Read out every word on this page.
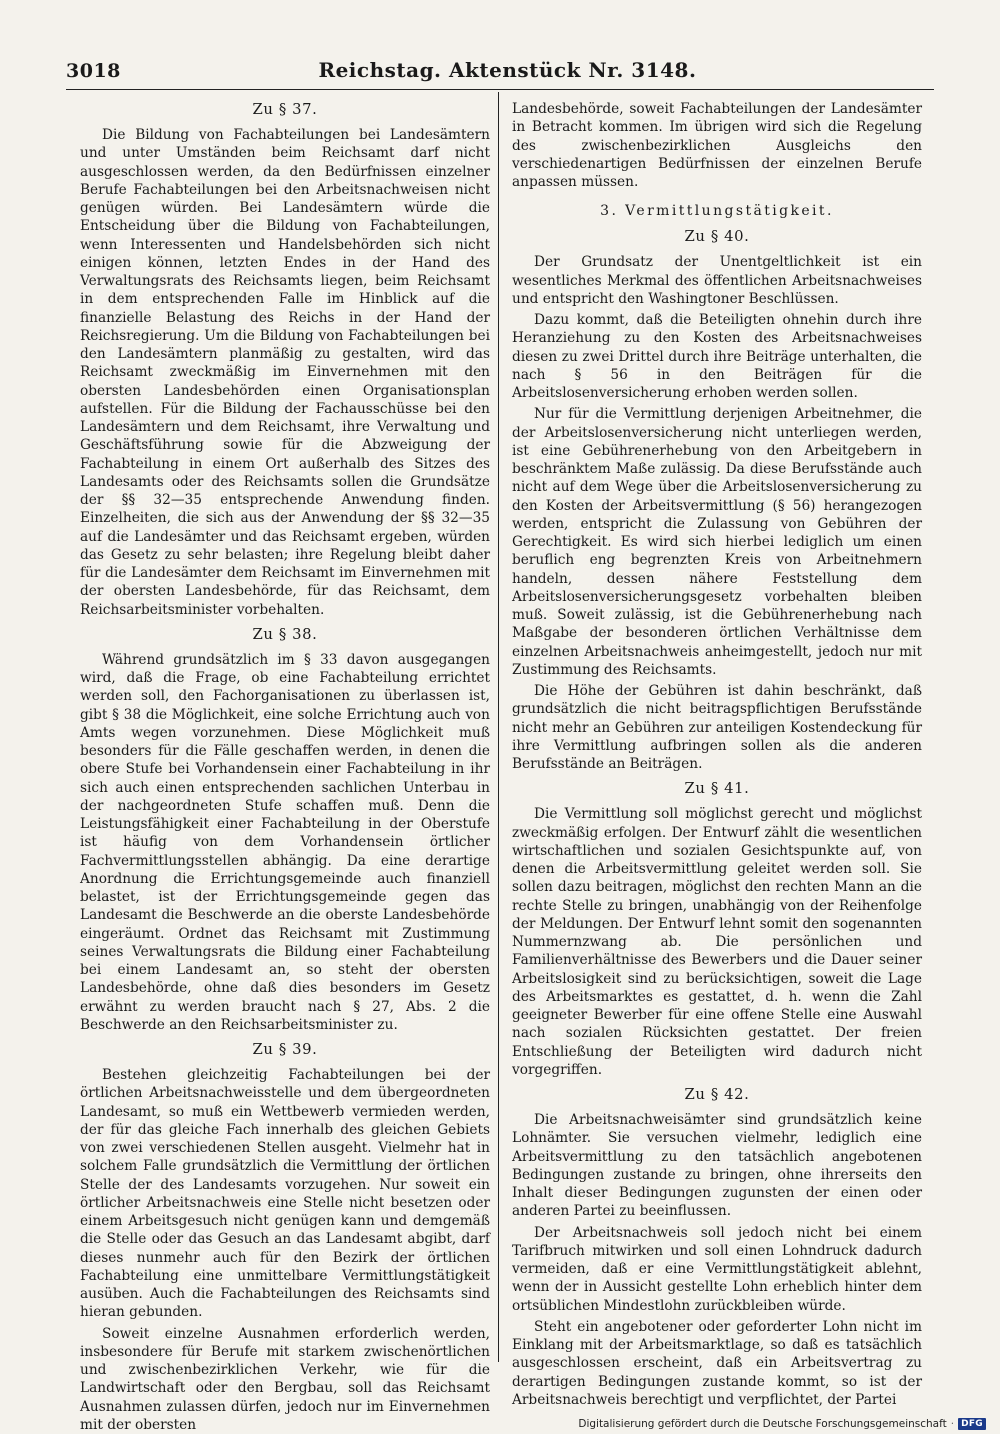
3018	Reichstag. Aktenstück Nr. 3148.
Zu § 37.

Die Bildung von Fachabteilungen bei Landesämtern und unter Umständen beim Reichsamt darf nicht ausgeschlossen werden, da den Bedürfnissen einzelner Berufe Fachabteilungen bei den Arbeitsnachweisen nicht genügen würden. Bei Landesämtern würde die Entscheidung über die Bildung von Fachabteilungen, wenn Interessenten und Handelsbehörden sich nicht einigen können, letzten Endes in der Hand des Verwaltungsrats des Reichsamts liegen, beim Reichsamt in dem entsprechenden Falle im Hinblick auf die finanzielle Belastung des Reichs in der Hand der Reichsregierung. Um die Bildung von Fachabteilungen bei den Landesämtern planmäßig zu gestalten, wird das Reichsamt zweckmäßig im Einvernehmen mit den obersten Landesbehörden einen Organisationsplan aufstellen. Für die Bildung der Fachausschüsse bei den Landesämtern und dem Reichsamt, ihre Verwaltung und Geschäftsführung sowie für die Abzweigung der Fachabteilung in einem Ort außerhalb des Sitzes des Landesamts oder des Reichsamts sollen die Grundsätze der §§ 32—35 entsprechende Anwendung finden. Einzelheiten, die sich aus der Anwendung der §§ 32—35 auf die Landesämter und das Reichsamt ergeben, würden das Gesetz zu sehr belasten; ihre Regelung bleibt daher für die Landesämter dem Reichsamt im Einvernehmen mit der obersten Landesbehörde, für das Reichsamt, dem Reichsarbeitsminister vorbehalten.

Zu § 38.

Während grundsätzlich im § 33 davon ausgegangen wird, daß die Frage, ob eine Fachabteilung errichtet werden soll, den Fachorganisationen zu überlassen ist, gibt § 38 die Möglichkeit, eine solche Errichtung auch von Amts wegen vorzunehmen. Diese Möglichkeit muß besonders für die Fälle geschaffen werden, in denen die obere Stufe bei Vorhandensein einer Fachabteilung in ihr sich auch einen entsprechenden sachlichen Unterbau in der nachgeordneten Stufe schaffen muß. Denn die Leistungsfähigkeit einer Fachabteilung in der Oberstufe ist häufig von dem Vorhandensein örtlicher Fachvermittlungsstellen abhängig. Da eine derartige Anordnung die Errichtungsgemeinde auch finanziell belastet, ist der Errichtungsgemeinde gegen das Landesamt die Beschwerde an die oberste Landesbehörde eingeräumt. Ordnet das Reichsamt mit Zustimmung seines Verwaltungsrats die Bildung einer Fachabteilung bei einem Landesamt an, so steht der obersten Landesbehörde, ohne daß dies besonders im Gesetz erwähnt zu werden braucht nach § 27, Abs. 2 die Beschwerde an den Reichsarbeitsminister zu.

Zu § 39.

Bestehen gleichzeitig Fachabteilungen bei der örtlichen Arbeitsnachweisstelle und dem übergeordneten Landesamt, so muß ein Wettbewerb vermieden werden, der für das gleiche Fach innerhalb des gleichen Gebiets von zwei verschiedenen Stellen ausgeht. Vielmehr hat in solchem Falle grundsätzlich die Vermittlung der örtlichen Stelle der des Landesamts vorzugehen. Nur soweit ein örtlicher Arbeitsnachweis eine Stelle nicht besetzen oder einem Arbeitsgesuch nicht genügen kann und demgemäß die Stelle oder das Gesuch an das Landesamt abgibt, darf dieses nunmehr auch für den Bezirk der örtlichen Fachabteilung eine unmittelbare Vermittlungstätigkeit ausüben. Auch die Fachabteilungen des Reichsamts sind hieran gebunden.

Soweit einzelne Ausnahmen erforderlich werden, insbesondere für Berufe mit starkem zwischenörtlichen und zwischenbezirklichen Verkehr, wie für die Landwirtschaft oder den Bergbau, soll das Reichsamt Ausnahmen zulassen dürfen, jedoch nur im Einvernehmen mit der obersten

Landesbehörde, soweit Fachabteilungen der Landesämter in Betracht kommen. Im übrigen wird sich die Regelung des zwischenbezirklichen Ausgleichs den verschiedenartigen Bedürfnissen der einzelnen Berufe anpassen müssen.

3. Vermittlungstätigkeit.
Zu § 40.

Der Grundsatz der Unentgeltlichkeit ist ein wesentliches Merkmal des öffentlichen Arbeitsnachweises und entspricht den Washingtoner Beschlüssen.

Dazu kommt, daß die Beteiligten ohnehin durch ihre Heranziehung zu den Kosten des Arbeitsnachweises diesen zu zwei Drittel durch ihre Beiträge unterhalten, die nach § 56 in den Beiträgen für die Arbeitslosenversicherung erhoben werden sollen.

Nur für die Vermittlung derjenigen Arbeitnehmer, die der Arbeitslosenversicherung nicht unterliegen werden, ist eine Gebührenerhebung von den Arbeitgebern in beschränktem Maße zulässig. Da diese Berufsstände auch nicht auf dem Wege über die Arbeitslosenversicherung zu den Kosten der Arbeitsvermittlung (§ 56) herangezogen werden, entspricht die Zulassung von Gebühren der Gerechtigkeit. Es wird sich hierbei lediglich um einen beruflich eng begrenzten Kreis von Arbeitnehmern handeln, dessen nähere Feststellung dem Arbeitslosenversicherungsgesetz vorbehalten bleiben muß. Soweit zulässig, ist die Gebührenerhebung nach Maßgabe der besonderen örtlichen Verhältnisse dem einzelnen Arbeitsnachweis anheimgestellt, jedoch nur mit Zustimmung des Reichsamts.

Die Höhe der Gebühren ist dahin beschränkt, daß grundsätzlich die nicht beitragspflichtigen Berufsstände nicht mehr an Gebühren zur anteiligen Kostendeckung für ihre Vermittlung aufbringen sollen als die anderen Berufsstände an Beiträgen.

Zu § 41.

Die Vermittlung soll möglichst gerecht und möglichst zweckmäßig erfolgen. Der Entwurf zählt die wesentlichen wirtschaftlichen und sozialen Gesichtspunkte auf, von denen die Arbeitsvermittlung geleitet werden soll. Sie sollen dazu beitragen, möglichst den rechten Mann an die rechte Stelle zu bringen, unabhängig von der Reihenfolge der Meldungen. Der Entwurf lehnt somit den sogenannten Nummernzwang ab. Die persönlichen und Familienverhältnisse des Bewerbers und die Dauer seiner Arbeitslosigkeit sind zu berücksichtigen, soweit die Lage des Arbeitsmarktes es gestattet, d. h. wenn die Zahl geeigneter Bewerber für eine offene Stelle eine Auswahl nach sozialen Rücksichten gestattet. Der freien Entschließung der Beteiligten wird dadurch nicht vorgegriffen.

Zu § 42.

Die Arbeitsnachweisämter sind grundsätzlich keine Lohnämter. Sie versuchen vielmehr, lediglich eine Arbeitsvermittlung zu den tatsächlich angebotenen Bedingungen zustande zu bringen, ohne ihrerseits den Inhalt dieser Bedingungen zugunsten der einen oder anderen Partei zu beeinflussen.

Der Arbeitsnachweis soll jedoch nicht bei einem Tarifbruch mitwirken und soll einen Lohndruck dadurch vermeiden, daß er eine Vermittlungstätigkeit ablehnt, wenn der in Aussicht gestellte Lohn erheblich hinter dem ortsüblichen Mindestlohn zurückbleiben würde.

Steht ein angebotener oder geforderter Lohn nicht im Einklang mit der Arbeitsmarktlage, so daß es tatsächlich ausgeschlossen erscheint, daß ein Arbeitsvertrag zu derartigen Bedingungen zustande kommt, so ist der Arbeitsnachweis berechtigt und verpflichtet, der Partei

Digitalisierung gefördert durch die Deutsche Forschungsgemeinschaft · DFG
